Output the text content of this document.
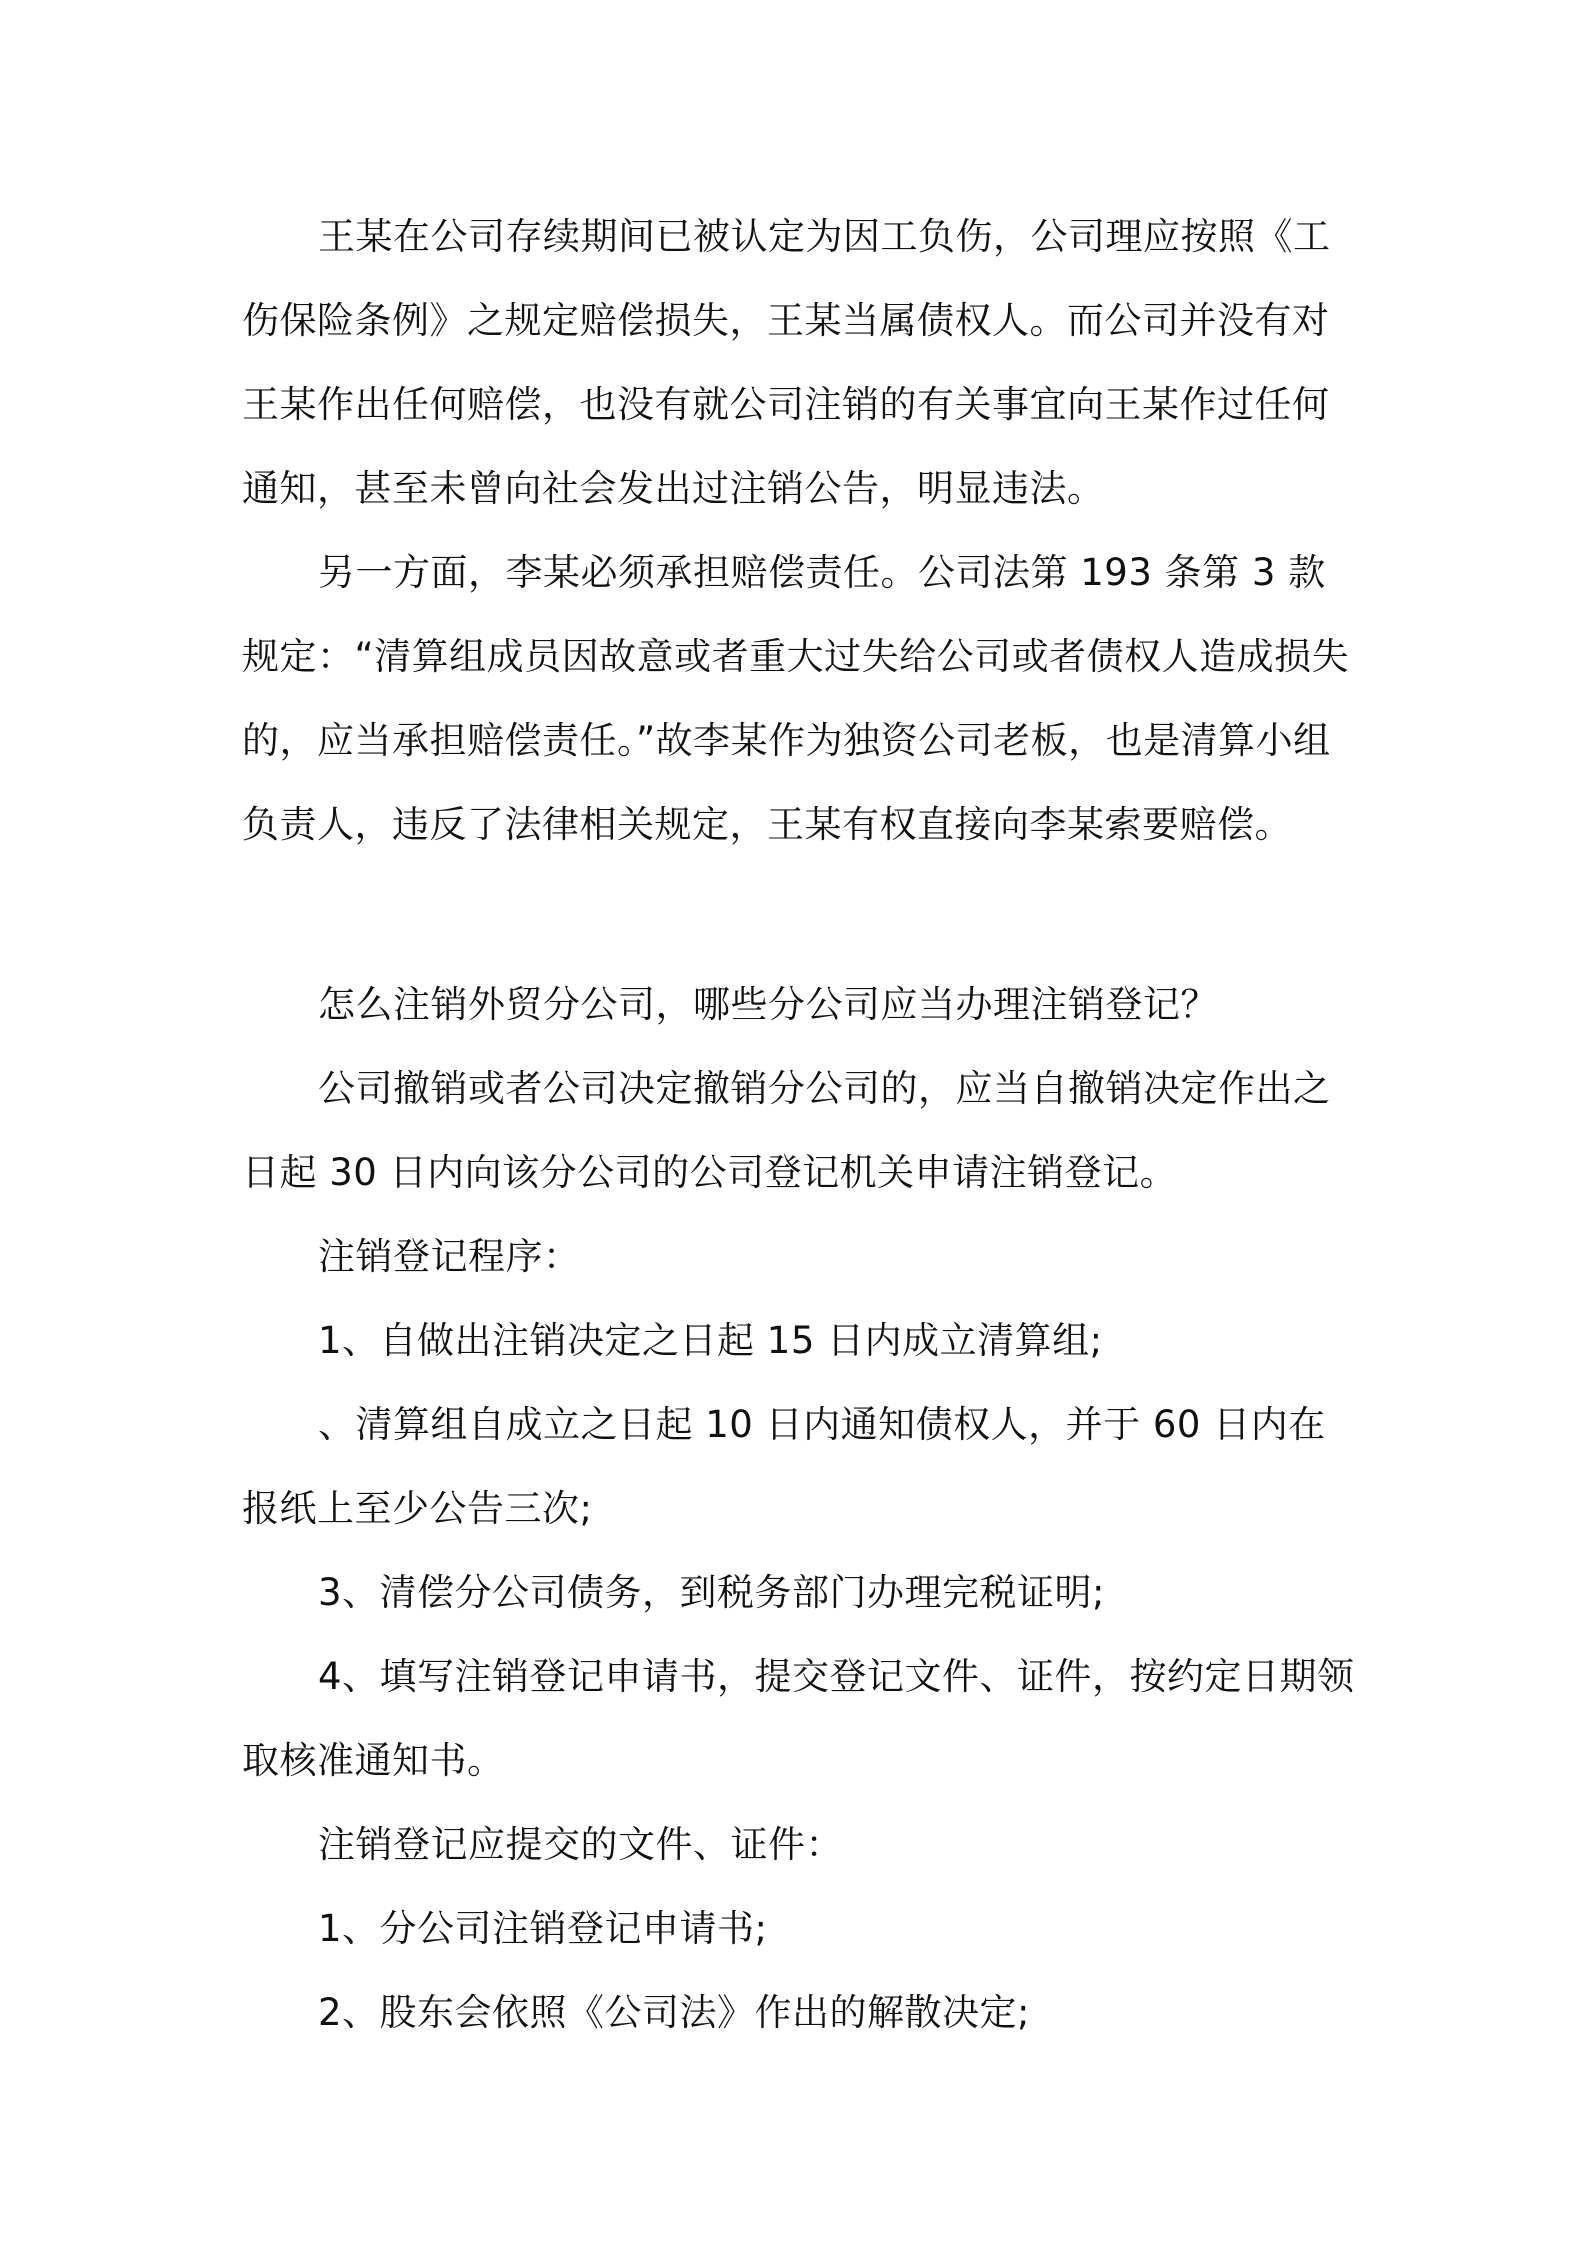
王某在公司存续期间已被认定为因工负伤，公司理应按照《工伤保险条例》之规定赔偿损失，王某当属债权人。而公司并没有对王某作出任何赔偿，也没有就公司注销的有关事宜向王某作过任何通知，甚至未曾向社会发出过注销公告，明显违法。

另一方面，李某必须承担赔偿责任。公司法第 193 条第 3 款规定：“清算组成员因故意或者重大过失给公司或者债权人造成损失的，应当承担赔偿责任。”故李某作为独资公司老板，也是清算小组负责人，违反了法律相关规定，王某有权直接向李某索要赔偿。

怎么注销外贸分公司，哪些分公司应当办理注销登记？

公司撤销或者公司决定撤销分公司的，应当自撤销决定作出之日起 30 日内向该分公司的公司登记机关申请注销登记。

注销登记程序：

1、自做出注销决定之日起 15 日内成立清算组;

、清算组自成立之日起 10 日内通知债权人，并于 60 日内在报纸上至少公告三次;

3、清偿分公司债务，到税务部门办理完税证明;

4、填写注销登记申请书，提交登记文件、证件，按约定日期领取核准通知书。

注销登记应提交的文件、证件：

1、分公司注销登记申请书;

2、股东会依照《公司法》作出的解散决定;
